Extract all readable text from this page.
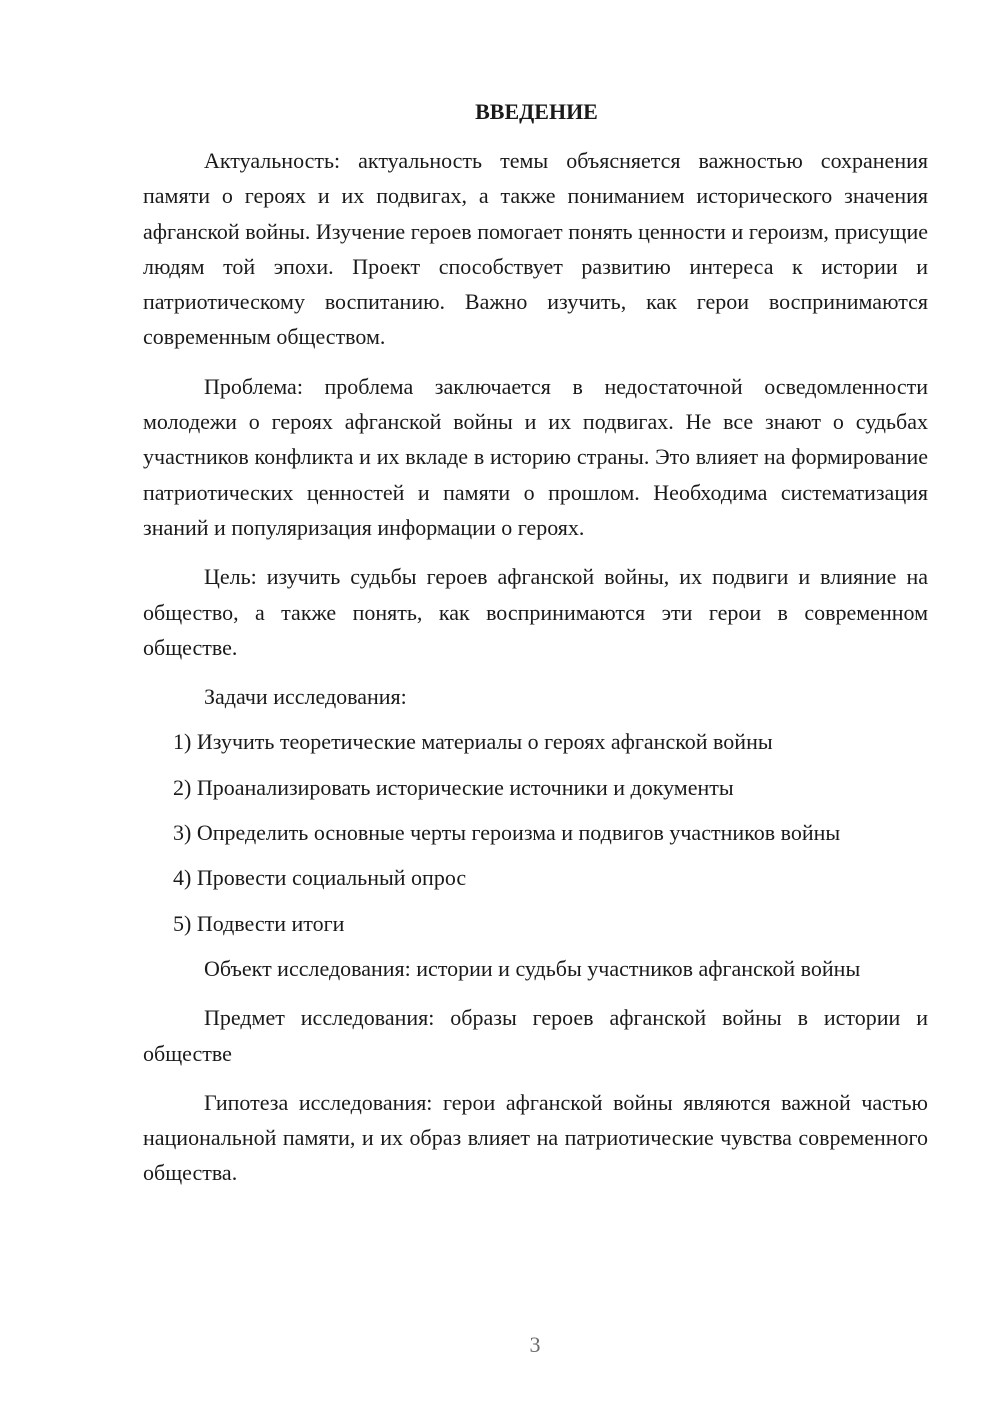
ВВЕДЕНИЕ

Актуальность: актуальность темы объясняется важностью сохранения памяти о героях и их подвигах, а также пониманием исторического значения афганской войны. Изучение героев помогает понять ценности и героизм, присущие людям той эпохи. Проект способствует развитию интереса к истории и патриотическому воспитанию. Важно изучить, как герои воспринимаются современным обществом.

Проблема: проблема заключается в недостаточной осведомленности молодежи о героях афганской войны и их подвигах. Не все знают о судьбах участников конфликта и их вкладе в историю страны. Это влияет на формирование патриотических ценностей и памяти о прошлом. Необходима систематизация знаний и популяризация информации о героях.

Цель: изучить судьбы героев афганской войны, их подвиги и влияние на общество, а также понять, как воспринимаются эти герои в современном обществе.

Задачи исследования:

1) Изучить теоретические материалы о героях афганской войны

2) Проанализировать исторические источники и документы

3) Определить основные черты героизма и подвигов участников войны

4) Провести социальный опрос

5) Подвести итоги

Объект исследования: истории и судьбы участников афганской войны

Предмет исследования: образы героев афганской войны в истории и обществе

Гипотеза исследования: герои афганской войны являются важной частью национальной памяти, и их образ влияет на патриотические чувства современного общества.

3
